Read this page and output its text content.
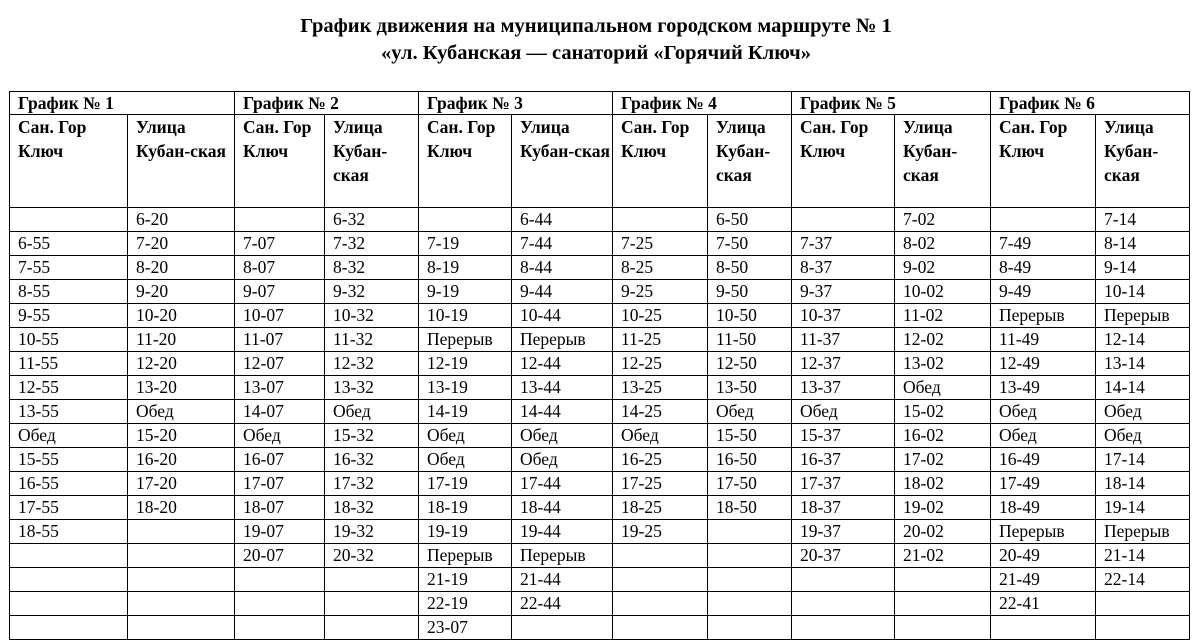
График движения на муниципальном городском маршруте № 1
«ул. Кубанская — санаторий «Горячий Ключ»
График № 1		График № 2		График № 3		График № 4		График № 5		График № 6	
Сан. Гор Ключ	Улица Кубан-ская	Сан. Гор Ключ	Улица Кубан-ская	Сан. Гор Ключ	Улица Кубан-ская	Сан. Гор Ключ	Улица Кубан-ская	Сан. Гор Ключ	Улица Кубан-ская	Сан. Гор Ключ	Улица Кубан-ская
	6-20		6-32		6-44		6-50		7-02		7-14
6-55	7-20	7-07	7-32	7-19	7-44	7-25	7-50	7-37	8-02	7-49	8-14
7-55	8-20	8-07	8-32	8-19	8-44	8-25	8-50	8-37	9-02	8-49	9-14
8-55	9-20	9-07	9-32	9-19	9-44	9-25	9-50	9-37	10-02	9-49	10-14
9-55	10-20	10-07	10-32	10-19	10-44	10-25	10-50	10-37	11-02	Перерыв	Перерыв
10-55	11-20	11-07	11-32	Перерыв	Перерыв	11-25	11-50	11-37	12-02	11-49	12-14
11-55	12-20	12-07	12-32	12-19	12-44	12-25	12-50	12-37	13-02	12-49	13-14
12-55	13-20	13-07	13-32	13-19	13-44	13-25	13-50	13-37	Обед	13-49	14-14
13-55	Обед	14-07	Обед	14-19	14-44	14-25	Обед	Обед	15-02	Обед	Обед
Обед	15-20	Обед	15-32	Обед	Обед	Обед	15-50	15-37	16-02	Обед	Обед
15-55	16-20	16-07	16-32	Обед	Обед	16-25	16-50	16-37	17-02	16-49	17-14
16-55	17-20	17-07	17-32	17-19	17-44	17-25	17-50	17-37	18-02	17-49	18-14
17-55	18-20	18-07	18-32	18-19	18-44	18-25	18-50	18-37	19-02	18-49	19-14
18-55		19-07	19-32	19-19	19-44	19-25		19-37	20-02	Перерыв	Перерыв
		20-07	20-32	Перерыв	Перерыв			20-37	21-02	20-49	21-14
				21-19	21-44					21-49	22-14
				22-19	22-44					22-41	
				23-07							
